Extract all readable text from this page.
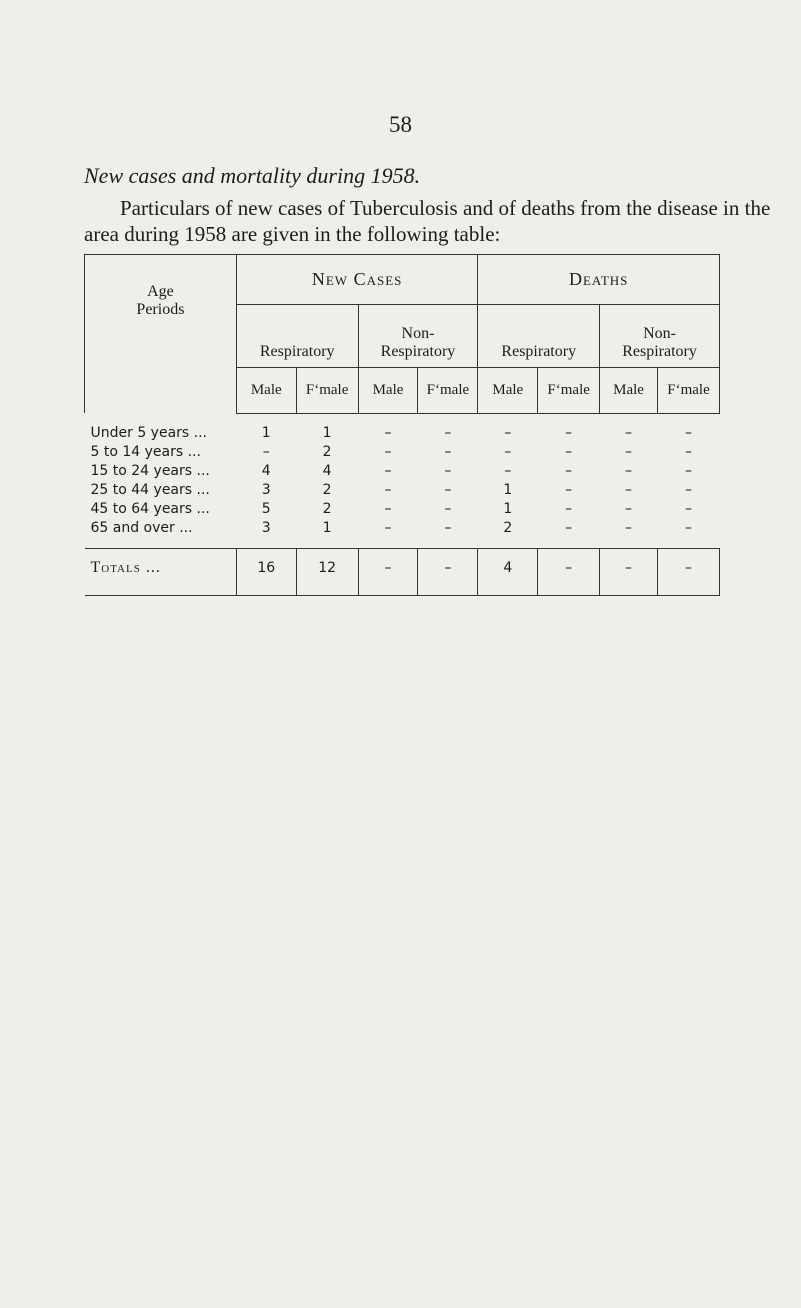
58
New cases and mortality during 1958.
Particulars of new cases of Tuberculosis and of deaths from the disease in the area during 1958 are given in the following table:
Age Periods	New Cases				Deaths			
	Respiratory		Non-Respiratory		Respiratory		Non-Respiratory	
	Male	F‘male	Male	F‘male	Male	F‘male	Male	F‘male
Under 5 years ...	1	1	–	–	–	–	–	–
5 to 14 years ...	–	2	–	–	–	–	–	–
15 to 24 years ...	4	4	–	–	–	–	–	–
25 to 44 years ...	3	2	–	–	1	–	–	–
45 to 64 years ...	5	2	–	–	1	–	–	–
65 and over ...	3	1	–	–	2	–	–	–
Totals ...	16	12	–	–	4	–	–	–
